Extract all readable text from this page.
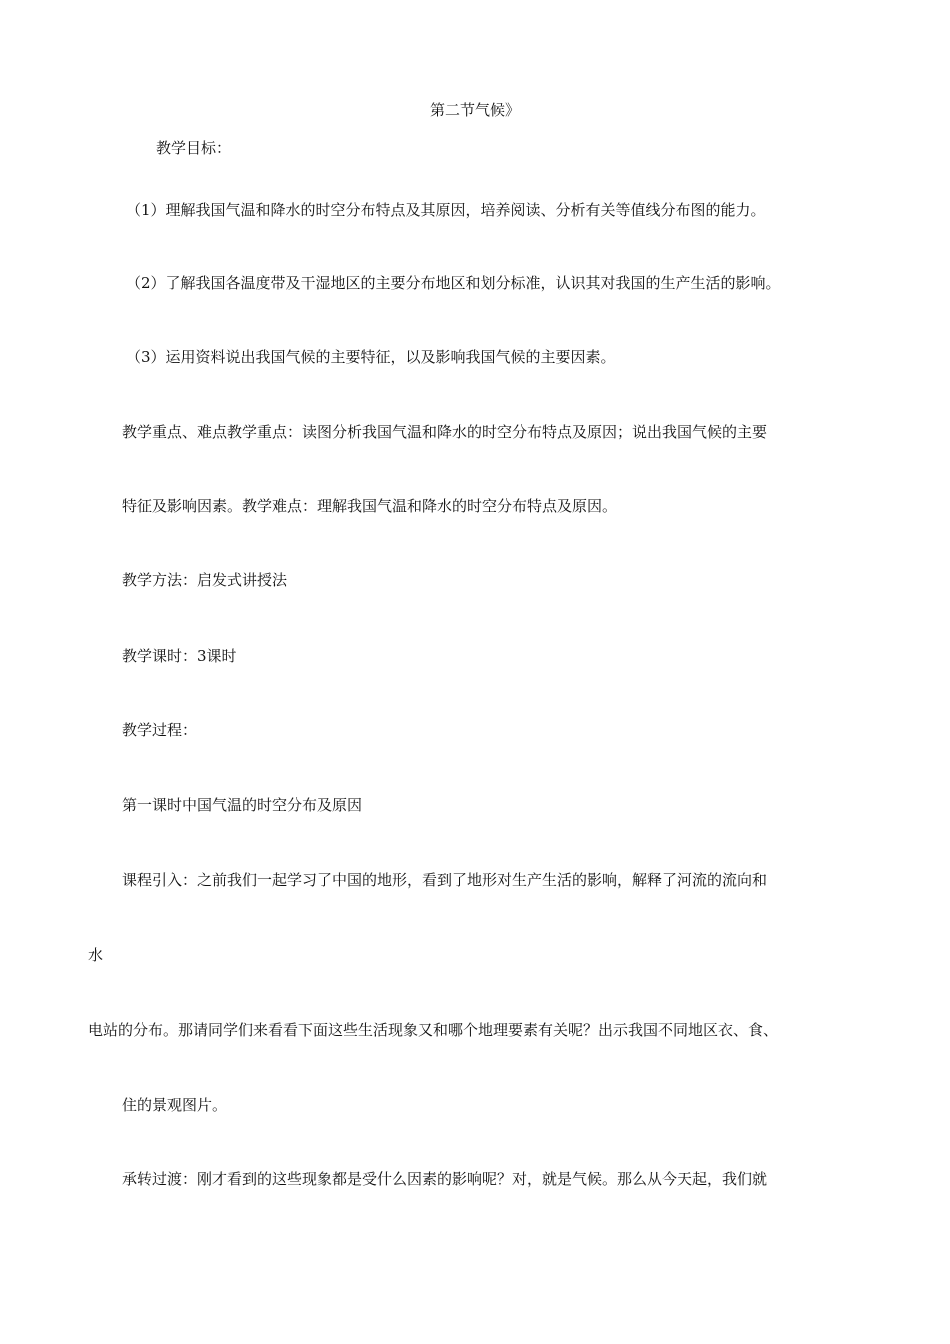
第二节气候》
教学目标：
（1）理解我国气温和降水的时空分布特点及其原因，培养阅读、分析有关等值线分布图的能力。
（2）了解我国各温度带及干湿地区的主要分布地区和划分标准，认识其对我国的生产生活的影响。
（3）运用资料说出我国气候的主要特征，以及影响我国气候的主要因素。
教学重点、难点教学重点：读图分析我国气温和降水的时空分布特点及原因；说出我国气候的主要
特征及影响因素。教学难点：理解我国气温和降水的时空分布特点及原因。
教学方法：启发式讲授法
教学课时：3课时
教学过程：
第一课时中国气温的时空分布及原因
课程引入：之前我们一起学习了中国的地形，看到了地形对生产生活的影响，解释了河流的流向和
水
电站的分布。那请同学们来看看下面这些生活现象又和哪个地理要素有关呢？出示我国不同地区衣、食、
住的景观图片。
承转过渡：刚才看到的这些现象都是受什么因素的影响呢？对，就是气候。那么从今天起，我们就
